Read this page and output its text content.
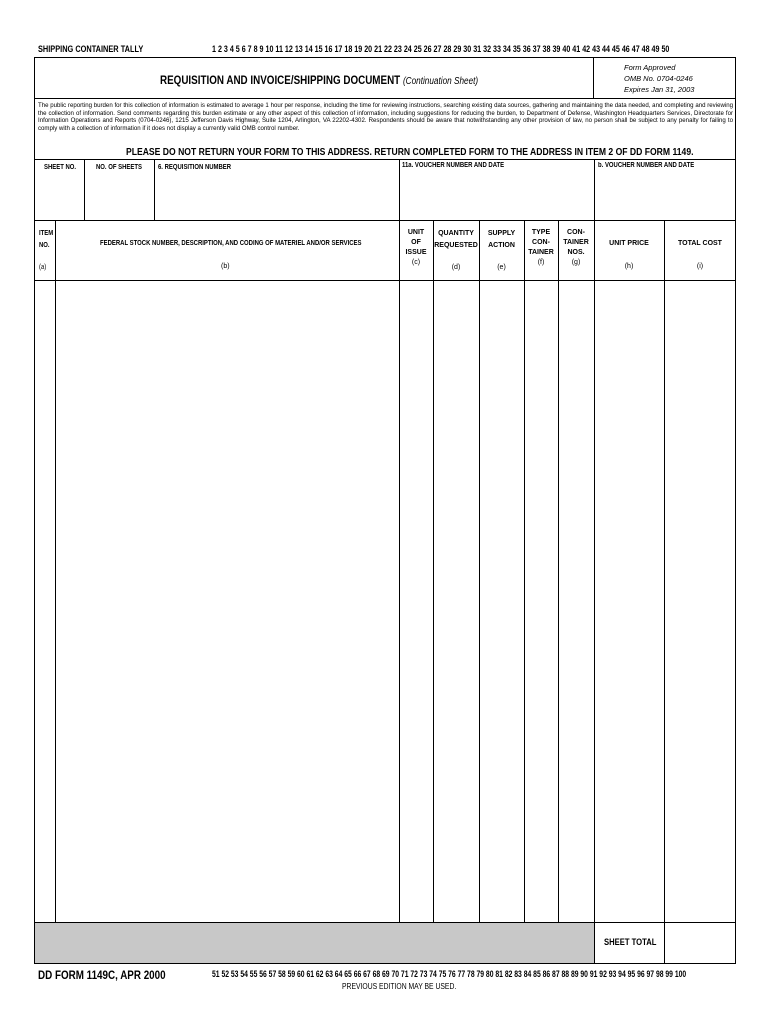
SHIPPING CONTAINER TALLY	1 2 3 4 5 6 7 8 9 10 11 12 13 14 15 16 17 18 19 20 21 22 23 24 25 26 27 28 29 30 31 32 33 34 35 36 37 38 39 40 41 42 43 44 45 46 47 48 49 50
REQUISITION AND INVOICE/SHIPPING DOCUMENT (Continuation Sheet)
Form Approved
OMB No. 0704-0246
Expires Jan 31, 2003
The public reporting burden for this collection of information is estimated to average 1 hour per response, including the time for reviewing instructions, searching existing data sources, gathering and maintaining the data needed, and completing and reviewing the collection of information. Send comments regarding this burden estimate or any other aspect of this collection of information, including suggestions for reducing the burden, to Department of Defense, Washington Headquarters Services, Directorate for Information Operations and Reports (0704-0246), 1215 Jefferson Davis Highway, Suite 1204, Arlington, VA 22202-4302. Respondents should be aware that notwithstanding any other provision of law, no person shall be subject to any penalty for failing to comply with a collection of information if it does not display a currently valid OMB control number.
PLEASE DO NOT RETURN YOUR FORM TO THIS ADDRESS. RETURN COMPLETED FORM TO THE ADDRESS IN ITEM 2 OF DD FORM 1149.
SHEET NO.	NO. OF SHEETS 6. REQUISITION NUMBER	11a. VOUCHER NUMBER AND DATE	b. VOUCHER NUMBER AND DATE
ITEM
NO.
(a)
FEDERAL STOCK NUMBER, DESCRIPTION, AND CODING OF MATERIEL AND/OR SERVICES
(b)
UNIT
OF
ISSUE
(c)
QUANTITY
REQUESTED
(d)
SUPPLY
ACTION
(e)
TYPE
CON-
TAINER
(f)
CON-
TAINER
NOS.
(g)
UNIT PRICE
(h)
TOTAL COST
(i)
SHEET TOTAL
DD FORM 1149C, APR 2000	51 52 53 54 55 56 57 58 59 60 61 62 63 64 65 66 67 68 69 70 71 72 73 74 75 76 77 78 79 80 81 82 83 84 85 86 87 88 89 90 91 92 93 94 95 96 97 98 99 100
PREVIOUS EDITION MAY BE USED.
